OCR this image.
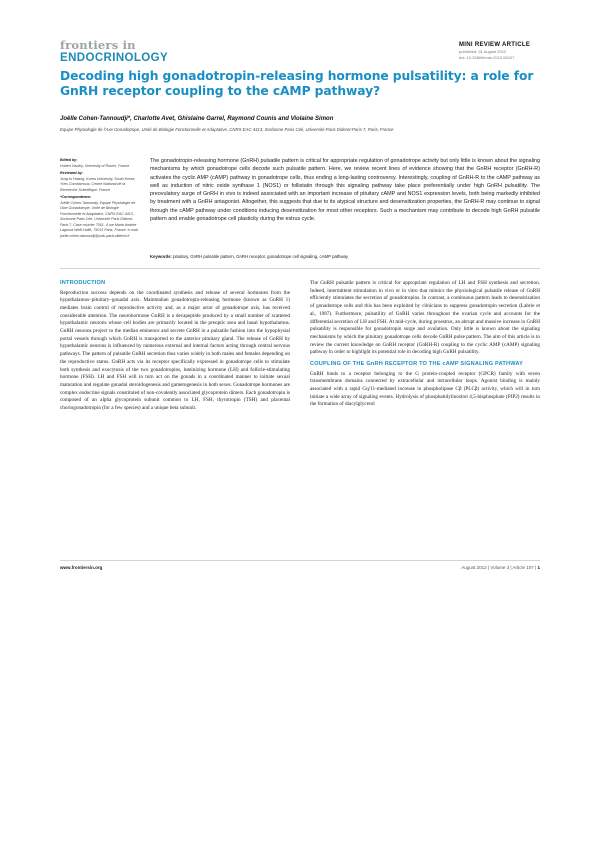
frontiers in
ENDOCRINOLOGY
MINI REVIEW ARTICLE
published: 31 August 2012
doi: 10.3389/fendo.2012.00107
Decoding high gonadotropin-releasing hormone pulsatility: a role for GnRH receptor coupling to the cAMP pathway?
Joëlle Cohen-Tannoudji*, Charlotte Avet, Ghislaine Garrel, Raymond Counis and Violaine Simon
Equipe Physiologie de l'Axe Gonadotrope, Unité de Biologie Fonctionnelle et Adaptative, CNRS EAC 4413, Sorbonne Paris Cité, Université Paris Diderot-Paris 7, Paris, France
Edited by:
Hubert Vaudry, University of Rouen, France
Reviewed by:
Jong-In Hwang, Korea University, South Korea; Yves Combarnous, Centre National de la Recherche Scientifique, France
*Correspondence:
Joëlle Cohen-Tannoudji, Equipe Physiologie de l'Axe Gonadotrope, Unité de Biologie Fonctionnelle et Adaptative, CNRS EAC 4413, Sorbonne Paris Cité, Université Paris Diderot-Paris 7, Case courrier 7001, 4 rue Marie Andrée Lagroua Weill-Hallé, 75013 Paris, France. e-mail: joelle.cohen-tannoudji@univ-paris-diderot.fr
The gonadotropin-releasing hormone (GnRH) pulsatile pattern is critical for appropriate regulation of gonadotrope activity but only little is known about the signaling mechanisms by which gonadotrope cells decode such pulsatile pattern. Here, we review recent lines of evidence showing that the GnRH receptor (GnRH-R) activates the cyclic AMP (cAMP) pathway in gonadotrope cells, thus ending a long-lasting controversy. Interestingly, coupling of GnRH-R to the cAMP pathway as well as induction of nitric oxide synthase 1 (NOS1) or follistatin through this signaling pathway take place preferentially under high GnRH pulsatility. The preovulatory surge of GnRH in vivo is indeed associated with an important increase of pituitary cAMP and NOS1 expression levels, both being markedly inhibited by treatment with a GnRH antagonist. Altogether, this suggests that due to its atypical structure and desensitization properties, the GnRH-R may continue to signal through the cAMP pathway under conditions inducing desensitization for most other receptors. Such a mechanism may contribute to decode high GnRH pulsatile pattern and enable gonadotrope cell plasticity during the estrus cycle.
Keywords: pituitary, GnRH pulsatile pattern, GnRH receptor, gonadotrope cell signaling, cAMP pathway
INTRODUCTION

Reproduction success depends on the coordinated synthesis and release of several hormones from the hypothalamus–pituitary–gonadal axis. Mammalian gonadotropin-releasing hormone (known as GnRH 1) mediates brain control of reproductive activity and, as a major actor of gonadotrope axis, has received considerable attention. The neurohormone GnRH is a decapeptide produced by a small number of scattered hypothalamic neurons whose cell bodies are primarily located in the preoptic area and basal hypothalamus. GnRH neurons project to the median eminence and secrete GnRH in a pulsatile fashion into the hypophysial portal vessels through which GnRH is transported to the anterior pituitary gland. The release of GnRH by hypothalamic neurons is influenced by numerous external and internal factors acting through central nervous pathways. The pattern of pulsatile GnRH secretion thus varies widely in both males and females depending on the reproductive status. GnRH acts via its receptor specifically expressed in gonadotrope cells to stimulate both synthesis and exocytosis of the two gonadotropins, luteinizing hormone (LH) and follicle-stimulating hormone (FSH). LH and FSH will in turn act on the gonads in a coordinated manner to initiate sexual maturation and regulate gonadal steroidogenesis and gametogenesis in both sexes. Gonadotrope hormones are complex endocrine signals constituted of non-covalently associated glycoprotein dimers. Each gonadotropin is composed of an alpha glycoprotein subunit common to LH, FSH, thyrotropin (TSH) and placental choriogonadotropin (for a few species) and a unique beta subunit.

The GnRH pulsatile pattern is critical for appropriate regulation of LH and FSH synthesis and secretion. Indeed, intermittent stimulation in vivo or in vitro that mimics the physiological pulsatile release of GnRH efficiently stimulates the secretion of gonadotropins. In contrast, a continuous pattern leads to desensitization of gonadotrope cells and this has been exploited by clinicians to suppress gonadotropin secretion (Labrie et al., 1987). Furthermore, pulsatility of GnRH varies throughout the ovarian cycle and accounts for the differential secretion of LH and FSH. At mid-cycle, during proestrus, an abrupt and massive increase in GnRH pulsatility is responsible for gonadotropin surge and ovulation. Only little is known about the signaling mechanisms by which the pituitary gonadotrope cells decode GnRH pulse pattern. The aim of this article is to review the current knowledge on GnRH receptor (GnRH-R) coupling to the cyclic AMP (cAMP) signaling pathway in order to highlight its potential role in decoding high GnRH pulsatility.

COUPLING OF THE GnRH RECEPTOR TO THE cAMP SIGNALING PATHWAY

GnRH binds to a receptor belonging to the G protein-coupled receptor (GPCR) family with seven transmembrane domains connected by extracellular and intracellular loops. Agonist binding is mainly associated with a rapid Gq/11-mediated increase in phospholipase Cβ (PLCβ) activity, which will in turn initiate a wide array of signaling events. Hydrolysis of phosphatidylinositol 4,5-bisphosphate (PIP2) results in the formation of diacylglycerol

www.frontiersin.org	August 2012 | Volume 3 | Article 107 | 1
